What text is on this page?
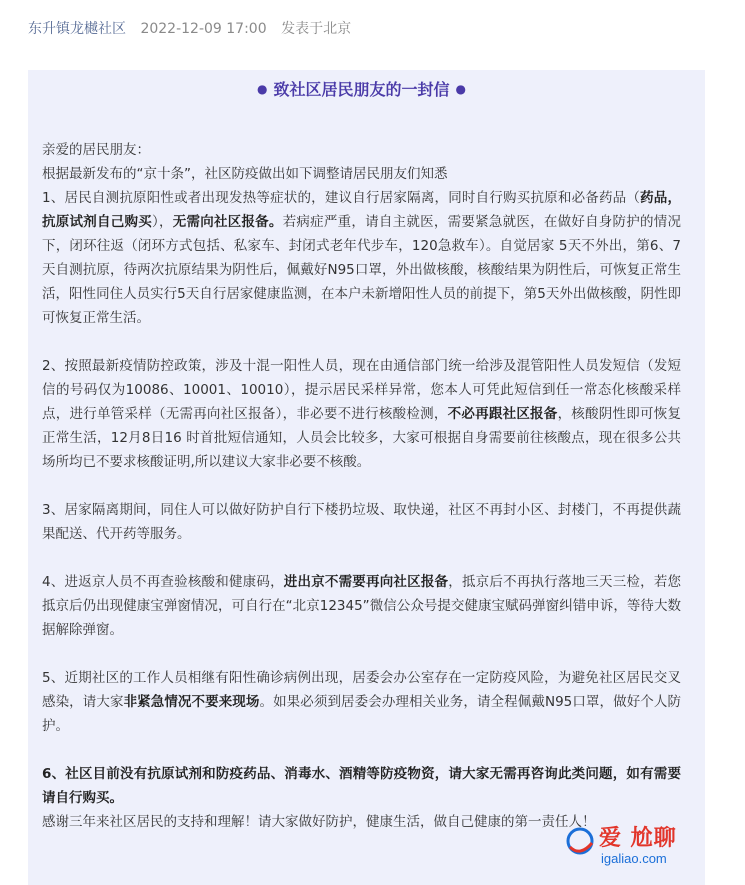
东升镇龙樾社区 2022-12-09 17:00 发表于北京
● 致社区居民朋友的一封信 ●

亲爱的居民朋友：

根据最新发布的“京十条”，社区防疫做出如下调整请居民朋友们知悉

1、居民自测抗原阳性或者出现发热等症状的，建议自行居家隔离，同时自行购买抗原和必备药品（药品，抗原试剂自己购买），无需向社区报备。若病症严重，请自主就医，需要紧急就医，在做好自身防护的情况下，闭环往返（闭环方式包括、私家车、封闭式老年代步车，120急救车）。自觉居家 5天不外出，第6、7天自测抗原，待两次抗原结果为阴性后，佩戴好N95口罩，外出做核酸，核酸结果为阴性后，可恢复正常生活，阳性同住人员实行5天自行居家健康监测，在本户未新增阳性人员的前提下，第5天外出做核酸，阴性即可恢复正常生活。

2、按照最新疫情防控政策，涉及十混一阳性人员，现在由通信部门统一给涉及混管阳性人员发短信（发短信的号码仅为10086、10001、10010），提示居民采样异常，您本人可凭此短信到任一常态化核酸采样点，进行单管采样（无需再向社区报备），非必要不进行核酸检测，不必再跟社区报备，核酸阴性即可恢复正常生活，12月8日16 时首批短信通知，人员会比较多，大家可根据自身需要前往核酸点，现在很多公共场所均已不要求核酸证明,所以建议大家非必要不核酸。

3、居家隔离期间，同住人可以做好防护自行下楼扔垃圾、取快递，社区不再封小区、封楼门，不再提供蔬果配送、代开药等服务。

4、进返京人员不再查验核酸和健康码，进出京不需要再向社区报备，抵京后不再执行落地三天三检，若您抵京后仍出现健康宝弹窗情况，可自行在“北京12345”微信公众号提交健康宝赋码弹窗纠错申诉，等待大数据解除弹窗。

5、近期社区的工作人员相继有阳性确诊病例出现，居委会办公室存在一定防疫风险，为避免社区居民交叉感染，请大家非紧急情况不要来现场。如果必须到居委会办理相关业务，请全程佩戴N95口罩，做好个人防护。

6、社区目前没有抗原试剂和防疫药品、消毒水、酒精等防疫物资，请大家无需再咨询此类问题，如有需要请自行购买。

感谢三年来社区居民的支持和理解！请大家做好防护，健康生活，做自己健康的第一责任人！

爱 尬聊
igaliao.com
